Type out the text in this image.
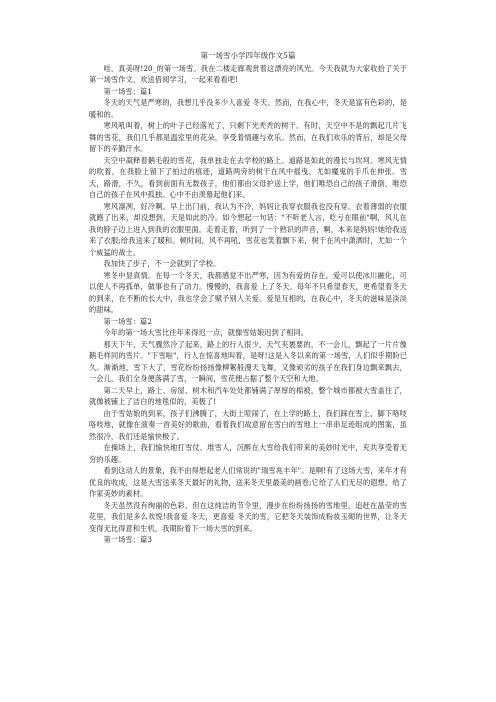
第一场雪小学四年级作文5篇

哇，真美呀!20_的第一场雪。我在二楼走廊观赏着这漂亮的风光。今天我就为大家收拾了关于第一场雪作文，欢送借阅学习，一起来看看吧!

第一场雪：篇1

冬天的天气是严寒的，我想几乎没多少人喜爱 冬天。然而，在我心中，冬天是富有色彩的，是暖和的。

寒风吼叫着，树上的叶子已经落光了，只剩下光秃秃的树干。有时，天空中不是的飘起几片飞舞的雪花，我们几乎都是温室里的花朵，享受着情趣与欢乐。然而，在我们欢乐的背后，却是父母留下的辛勤汗水。

天空中凝释着鹅毛般的雪花，我单独走在去学校的路上。道路是如此的漫长与坎坷。寒风无情的吹着，在我脸上留下了拍过的痕迹，道路两旁的树干在风中摇曳，尤如魔鬼的手爪在伸张。雪天，路滑，不久，看到前面有无数孩子，他们都由父母护送上学，他们唯恐自己的孩子滑倒，唯恐自己的孩子在风中孤独。心中不由羡慕起他们来。

寒风凛冽，好冷啊。早上出门前，我认为不冷，妈妈让我穿衣服我也没有穿。衣着薄弱的衣服就跑了出来，却没想到，天是如此的冷。如今想起一句话："不听老人言，吃亏在眼前"啊，风儿在我的脖子边上进入到我的衣服里面。走着走着，听到了一个熟识的声音，啊，本来是妈妈!她给我送来了衣服;给我送来了暖和。顿时间，风不再吼，雪花也笑着飘下来，树干在风中潇洒时，尤如一个个威猛的战士。

我加快了步子，不一会就到了学校。

寒冬中显真情。在每一个冬天，我都感觉不出严寒，因为有爱的存在。爱可以使冰川融化，可以使人不再孤单，做事也有了动力。慢慢的，我喜爱 上了冬天。每年不只希望春天，更希望着冬天的到来，在不断的长大中，我也学会了赋予别人关爱。爱是互相的，在我心中，冬天的滋味是淡淡的甜味。

第一场雪：篇2

今年的第一场大雪比往年来得迟一点，就像雪姑娘迟到了相同。

那天下午，天气骤然冷了起来，路上的行人很少，天气夹裹要的，不一会儿，飘起了一片片像鹅毛样同的雪片。"下雪啦"，行人在惊喜地叫着，是呀!这是入冬以来的第一场雪，人们似乎期盼已久。渐渐地，雪下大了，雪花纷纷扬扬像柳絮般漫天飞舞，又像顽劣的孩子在我们身边飘来飘去，一会儿，我们全身便落满了雪，一瞬间，雪花便占据了整个天空和大地。

第二天早上，路上、房屋、树木和汽车处处都铺满了厚厚的棉被，整个城市都被大雪盖住了，就像被铺上了洁白的地毯似的，美极了!

由于雪姑娘的到来，孩子们沸腾了，大街上喧闹了，在上学的路上，我们踩在雪上，脚下咯吱咯吱地，就像在演奏一首美好的歌曲，看着我们故意留在雪白的雪地上一串串足迹组成的图案，虽然很冷，我们还是愉快极了。

在操场上，我们愉快地打雪仗、堆雪人，沉醉在大雪给我们带来的美妙时光中，充共享受着无穷的乐趣。

看到这动人的景象，我不由得想起老人们常说的"瑞雪兆丰年"。是啊!有了这场大雪，来年才有优良的收成，这是大雪送来冬天最好的礼物，送来冬天里最美的画卷;它给了人们无尽的遐想，给了作家美妙的素材。

冬天虽然没有绚丽的色彩，但在这纯洁的节令里，漫步在纷纷扬扬的雪地里，追赶在晶莹的雪花里，我们是多么欢悦!我喜爱 冬天，更喜爱 冬天的雪，它把冬天装饰成粉妆玉砌的世界，让冬天变得无比得意和生机，我期盼着下一场大雪的到来。

第一场雪：篇3
